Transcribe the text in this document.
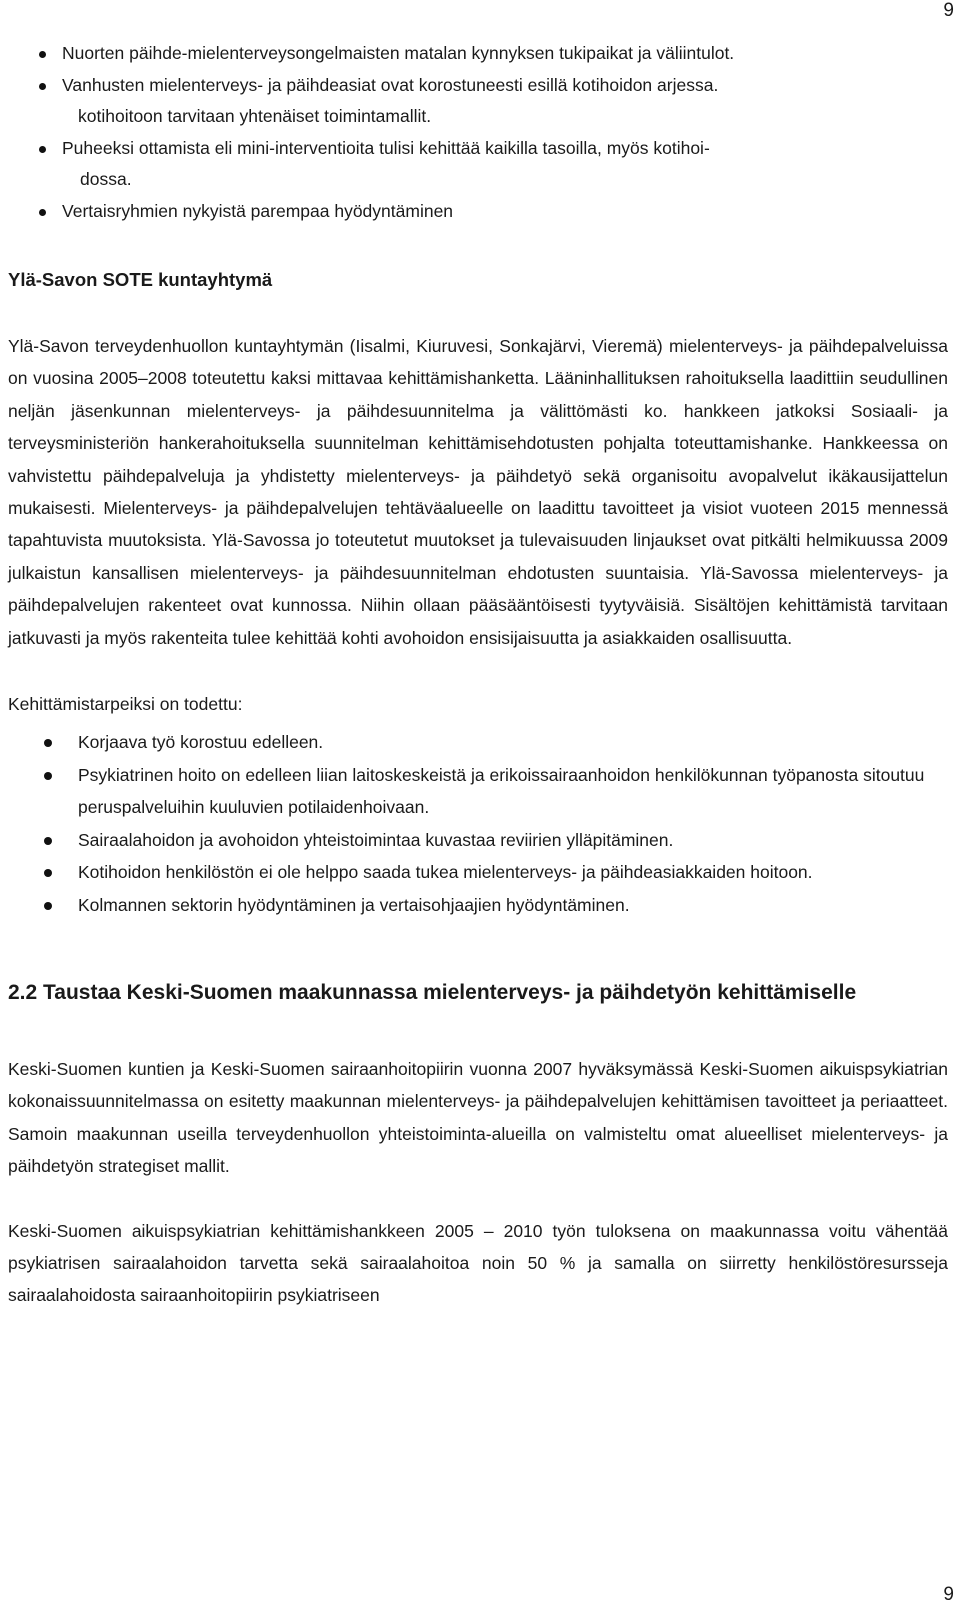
9
Nuorten päihde-mielenterveysongelmaisten matalan kynnyksen tukipaikat ja väliintulot.
Vanhusten mielenterveys- ja päihdeasiat ovat korostuneesti esillä kotihoidon arjessa.
kotihoitoon tarvitaan yhtenäiset toimintamallit.
Puheeksi ottamista eli mini-interventioita tulisi kehittää kaikilla tasoilla, myös kotihoi-
dossa.
Vertaisryhmien nykyistä parempaa hyödyntäminen
Ylä-Savon SOTE kuntayhtymä

Ylä-Savon terveydenhuollon kuntayhtymän (Iisalmi, Kiuruvesi, Sonkajärvi, Vieremä) mielenterveys- ja päihdepalveluissa on vuosina 2005–2008 toteutettu kaksi mittavaa kehittämishanketta. Lääninhallituksen rahoituksella laadittiin seudullinen neljän jäsenkunnan mielenterveys- ja päihdesuunnitelma ja välittömästi ko. hankkeen jatkoksi Sosiaali- ja terveysministeriön hankerahoituksella suunnitelman kehittämisehdotusten pohjalta toteuttamishanke. Hankkeessa on vahvistettu päihdepalveluja ja yhdistetty mielenterveys- ja päihdetyö sekä organisoitu avopalvelut ikäkausijattelun mukaisesti. Mielenterveys- ja päihdepalvelujen tehtäväalueelle on laadittu tavoitteet ja visiot vuoteen 2015 mennessä tapahtuvista muutoksista. Ylä-Savossa jo toteutetut muutokset ja tulevaisuuden linjaukset ovat pitkälti helmikuussa 2009 julkaistun kansallisen mielenterveys- ja päihdesuunnitelman ehdotusten suuntaisia. Ylä-Savossa mielenterveys- ja päihdepalvelujen rakenteet ovat kunnossa. Niihin ollaan pääsääntöisesti tyytyväisiä. Sisältöjen kehittämistä tarvitaan jatkuvasti ja myös rakenteita tulee kehittää kohti avohoidon ensisijaisuutta ja asiakkaiden osallisuutta.

Kehittämistarpeiksi on todettu:

Korjaava työ korostuu edelleen.
Psykiatrinen hoito on edelleen liian laitoskeskeistä ja erikoissairaanhoidon henkilökunnan työpanosta sitoutuu peruspalveluihin kuuluvien potilaidenhoivaan.
Sairaalahoidon ja avohoidon yhteistoimintaa kuvastaa reviirien ylläpitäminen.
Kotihoidon henkilöstön ei ole helppo saada tukea mielenterveys- ja päihdeasiakkaiden hoitoon.
Kolmannen sektorin hyödyntäminen ja vertaisohjaajien hyödyntäminen.
2.2 Taustaa Keski-Suomen maakunnassa mielenterveys- ja päihdetyön kehittämiselle

Keski-Suomen kuntien ja Keski-Suomen sairaanhoitopiirin vuonna 2007 hyväksymässä Keski-Suomen aikuispsykiatrian kokonaissuunnitelmassa on esitetty maakunnan mielenterveys- ja päihdepalvelujen kehittämisen tavoitteet ja periaatteet. Samoin maakunnan useilla terveydenhuollon yhteistoiminta-alueilla on valmisteltu omat alueelliset mielenterveys- ja päihdetyön strategiset mallit.

Keski-Suomen aikuispsykiatrian kehittämishankkeen 2005 – 2010 työn tuloksena on maakunnassa voitu vähentää psykiatrisen sairaalahoidon tarvetta sekä sairaalahoitoa noin 50 % ja samalla on siirretty henkilöstöresursseja sairaalahoidosta sairaanhoitopiirin psykiatriseen

9
